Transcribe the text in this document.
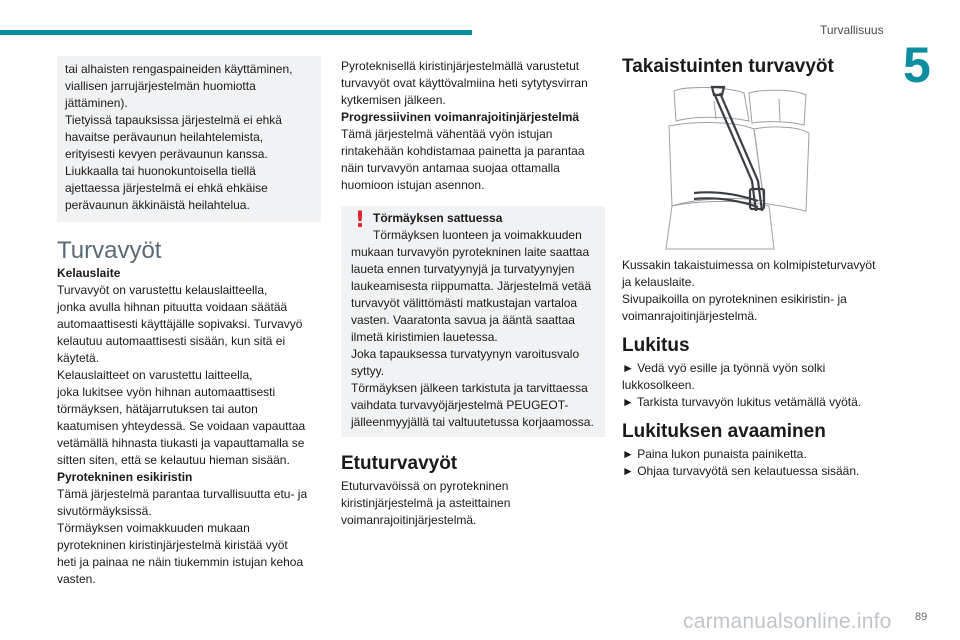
Turvallisuus
5

tai alhaisten rengaspaineiden käyttäminen,

viallisen jarrujärjestelmän huomiotta

jättäminen).

Tietyissä tapauksissa järjestelmä ei ehkä

havaitse perävaunun heilahtelemista,

erityisesti kevyen perävaunun kanssa.

Liukkaalla tai huonokuntoisella tiellä

ajettaessa järjestelmä ei ehkä ehkäise

perävaunun äkkinäistä heilahtelua.

Turvavyöt

Kelauslaite

Turvavyöt on varustettu kelauslaitteella,

jonka avulla hihnan pituutta voidaan säätää

automaattisesti käyttäjälle sopivaksi. Turvavyö

kelautuu automaattisesti sisään, kun sitä ei

käytetä.

Kelauslaitteet on varustettu laitteella,

joka lukitsee vyön hihnan automaattisesti

törmäyksen, hätäjarrutuksen tai auton

kaatumisen yhteydessä. Se voidaan vapauttaa

vetämällä hihnasta tiukasti ja vapauttamalla se

sitten siten, että se kelautuu hieman sisään.

Pyrotekninen esikiristin

Tämä järjestelmä parantaa turvallisuutta etu- ja

sivutörmäyksissä.

Törmäyksen voimakkuuden mukaan

pyrotekninen kiristinjärjestelmä kiristää vyöt

heti ja painaa ne näin tiukemmin istujan kehoa

vasten.

Pyroteknisellä kiristinjärjestelmällä varustetut

turvavyöt ovat käyttövalmiina heti sytytysvirran

kytkemisen jälkeen.

Progressiivinen voimanrajoitinjärjestelmä

Tämä järjestelmä vähentää vyön istujan

rintakehään kohdistamaa painetta ja parantaa

näin turvavyön antamaa suojaa ottamalla

huomioon istujan asennon.

! Törmäyksen sattuessa

Törmäyksen luonteen ja voimakkuuden

mukaan turvavyön pyrotekninen laite saattaa

laueta ennen turvatyynyjä ja turvatyynyjen

laukeamisesta riippumatta. Järjestelmä vetää

turvavyöt välittömästi matkustajan vartaloa

vasten. Vaaratonta savua ja ääntä saattaa

ilmetä kiristimien lauetessa.

Joka tapauksessa turvatyynyn varoitusvalo

syttyy.

Törmäyksen jälkeen tarkistuta ja tarvittaessa

vaihdata turvavyöjärjestelmä PEUGEOT-

jälleenmyyjällä tai valtuutetussa korjaamossa.

Etuturvavyöt

Etuturvavöissä on pyrotekninen

kiristinjärjestelmä ja asteittainen

voimanrajoitinjärjestelmä.

Takaistuinten turvavyöt

Kussakin takaistuimessa on kolmipisteturvavyöt

ja kelauslaite.

Sivupaikoilla on pyrotekninen esikiristin- ja

voimanrajoitinjärjestelmä.

Lukitus

► Vedä vyö esille ja työnnä vyön solki

lukkosolkeen.

► Tarkista turvavyön lukitus vetämällä vyötä.

Lukituksen avaaminen

► Paina lukon punaista painiketta.

► Ohjaa turvavyötä sen kelautuessa sisään.

carmanualsonline.info 89
